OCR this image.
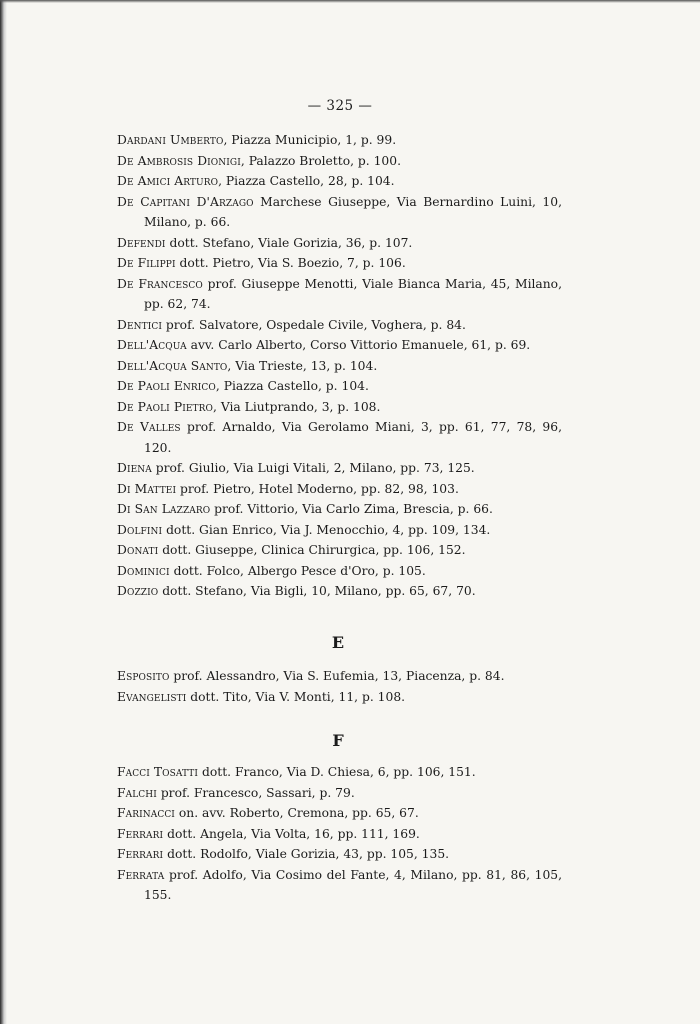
— 325 —

Dardani Umberto, Piazza Municipio, 1, p. 99.

De Ambrosis Dionigi, Palazzo Broletto, p. 100.

De Amici Arturo, Piazza Castello, 28, p. 104.

De Capitani D'Arzago Marchese Giuseppe, Via Bernardino Luini, 10, Milano, p. 66.

Defendi dott. Stefano, Viale Gorizia, 36, p. 107.

De Filippi dott. Pietro, Via S. Boezio, 7, p. 106.

De Francesco prof. Giuseppe Menotti, Viale Bianca Maria, 45, Milano, pp. 62, 74.

Dentici prof. Salvatore, Ospedale Civile, Voghera, p. 84.

Dell'Acqua avv. Carlo Alberto, Corso Vittorio Emanuele, 61, p. 69.

Dell'Acqua Santo, Via Trieste, 13, p. 104.

De Paoli Enrico, Piazza Castello, p. 104.

De Paoli Pietro, Via Liutprando, 3, p. 108.

De Valles prof. Arnaldo, Via Gerolamo Miani, 3, pp. 61, 77, 78, 96, 120.

Diena prof. Giulio, Via Luigi Vitali, 2, Milano, pp. 73, 125.

Di Mattei prof. Pietro, Hotel Moderno, pp. 82, 98, 103.

Di San Lazzaro prof. Vittorio, Via Carlo Zima, Brescia, p. 66.

Dolfini dott. Gian Enrico, Via J. Menocchio, 4, pp. 109, 134.

Donati dott. Giuseppe, Clinica Chirurgica, pp. 106, 152.

Dominici dott. Folco, Albergo Pesce d'Oro, p. 105.

Dozzio dott. Stefano, Via Bigli, 10, Milano, pp. 65, 67, 70.

E

Esposito prof. Alessandro, Via S. Eufemia, 13, Piacenza, p. 84.

Evangelisti dott. Tito, Via V. Monti, 11, p. 108.

F

Facci Tosatti dott. Franco, Via D. Chiesa, 6, pp. 106, 151.

Falchi prof. Francesco, Sassari, p. 79.

Farinacci on. avv. Roberto, Cremona, pp. 65, 67.

Ferrari dott. Angela, Via Volta, 16, pp. 111, 169.

Ferrari dott. Rodolfo, Viale Gorizia, 43, pp. 105, 135.

Ferrata prof. Adolfo, Via Cosimo del Fante, 4, Milano, pp. 81, 86, 105, 155.
